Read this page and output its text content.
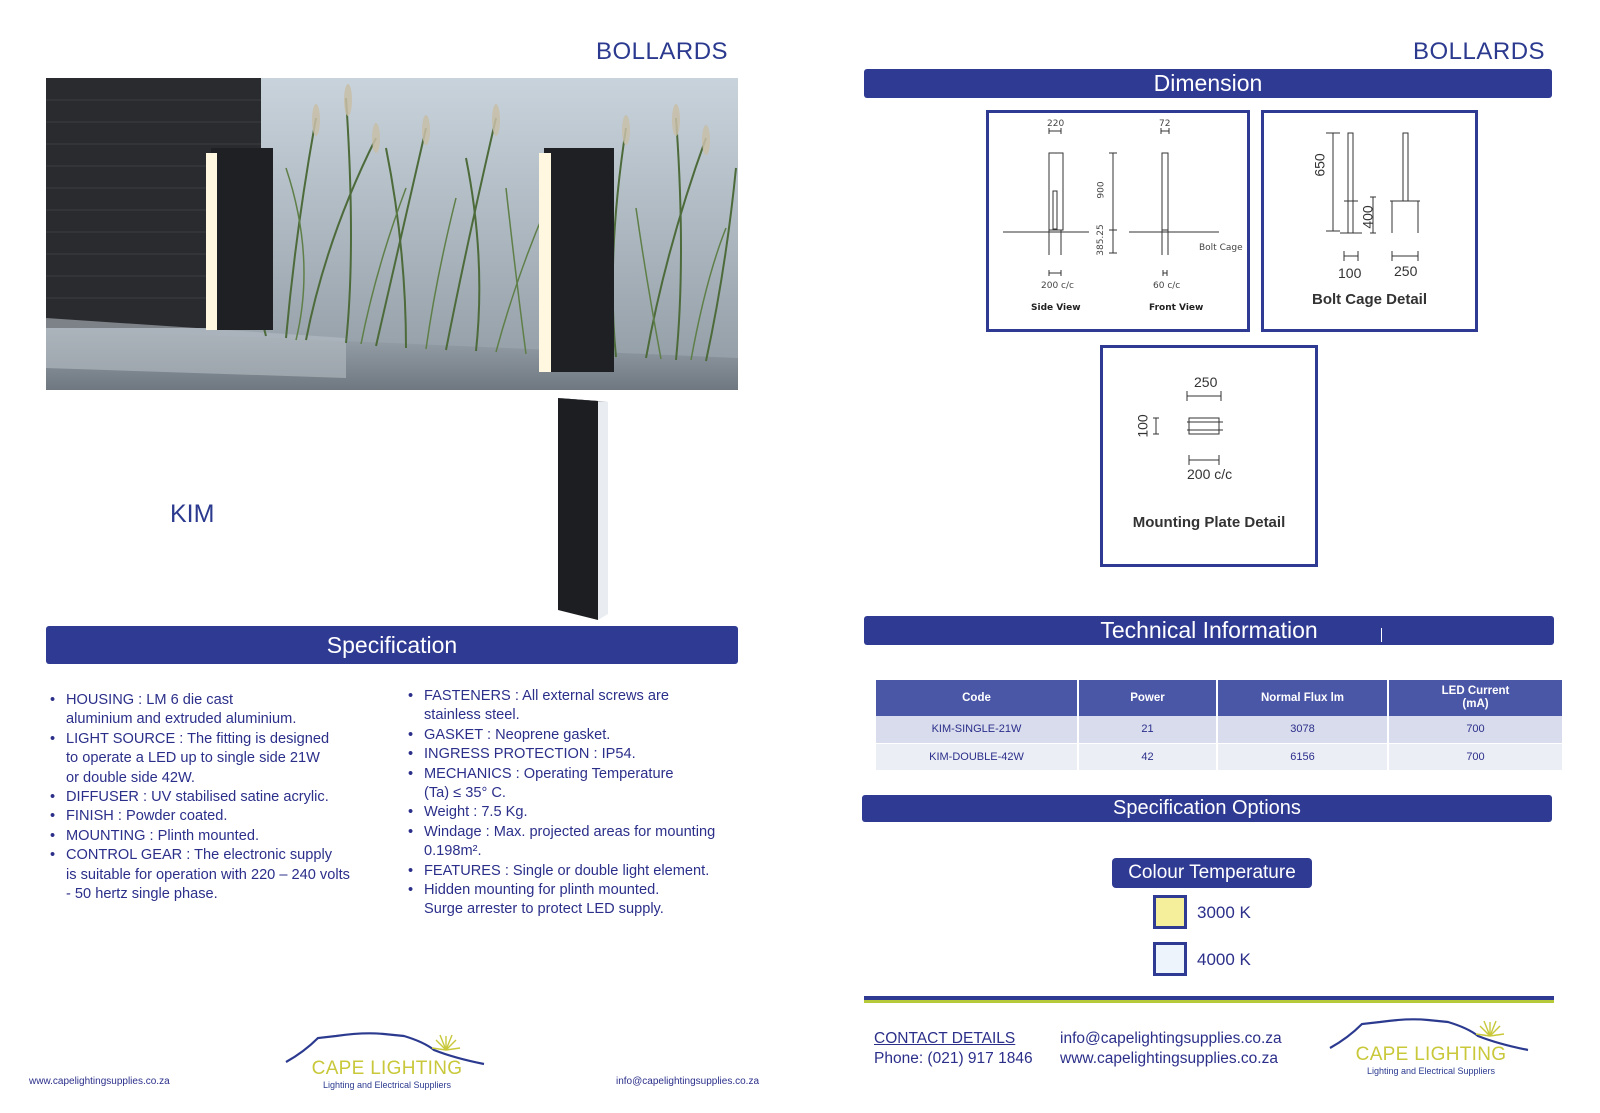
BOLLARDS
KIM
Specification
• HOUSING : LM 6 die cast
aluminium and extruded aluminium.
• LIGHT SOURCE : The fitting is designed
to operate a LED up to single side 21W
or double side 42W.
• DIFFUSER : UV stabilised satine acrylic.
• FINISH : Powder coated.
• MOUNTING : Plinth mounted.
• CONTROL GEAR : The electronic supply
is suitable for operation with 220 – 240 volts
- 50 hertz single phase.
• FASTENERS : All external screws are
stainless steel.
• GASKET : Neoprene gasket.
• INGRESS PROTECTION : IP54.
• MECHANICS : Operating Temperature
(Ta) ≤ 35° C.
• Weight : 7.5 Kg.
• Windage : Max. projected areas for mounting
0.198m².
• FEATURES : Single or double light element.
• Hidden mounting for plinth mounted.
Surge arrester to protect LED supply.
www.capelightingsupplies.co.za	info@capelightingsupplies.co.za
CAPE LIGHTING
Lighting and Electrical Suppliers
BOLLARDS
Dimension
220	72
900
385.25	Bolt Cage
200 c/c	60 c/c
Side View	Front View
650
400
100 250
Bolt Cage Detail
250
100
200 c/c
Mounting Plate Detail
Technical Information
Code	Power	Normal Flux lm	LED Current
(mA)
KIM-SINGLE-21W	21	3078	700
KIM-DOUBLE-42W	42	6156	700
Specification Options
Colour Temperature
3000 K
4000 K
CONTACT DETAILS
Phone: (021) 917 1846
info@capelightingsupplies.co.za
www.capelightingsupplies.co.za	CAPE LIGHTING
Lighting and Electrical Suppliers
